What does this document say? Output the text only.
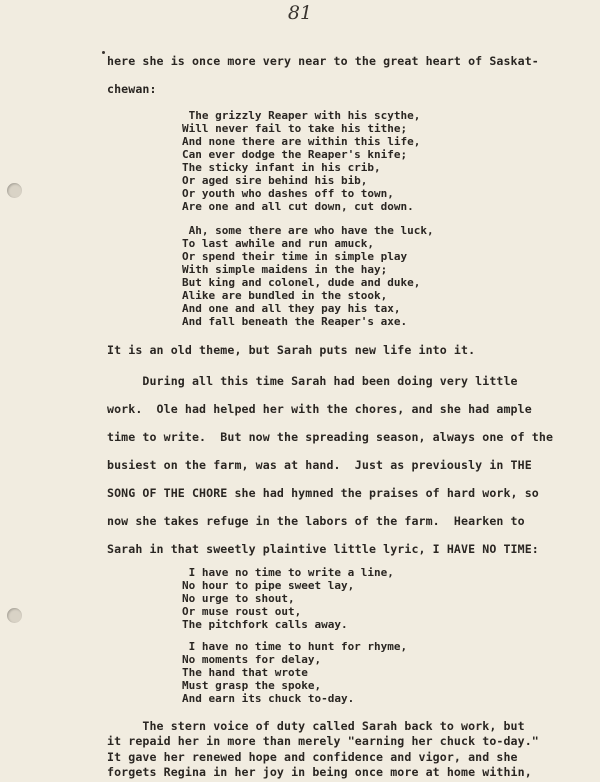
81
here she is once more very near to the great heart of Saskat-
chewan:
The grizzly Reaper with his scythe,
Will never fail to take his tithe;
And none there are within this life,
Can ever dodge the Reaper's knife;
The sticky infant in his crib,
Or aged sire behind his bib,
Or youth who dashes off to town,
Are one and all cut down, cut down.
Ah, some there are who have the luck,
To last awhile and run amuck,
Or spend their time in simple play
With simple maidens in the hay;
But king and colonel, dude and duke,
Alike are bundled in the stook,
And one and all they pay his tax,
And fall beneath the Reaper's axe.
It is an old theme, but Sarah puts new life into it.
During all this time Sarah had been doing very little
work.  Ole had helped her with the chores, and she had ample
time to write.  But now the spreading season, always one of the
busiest on the farm, was at hand.  Just as previously in THE
SONG OF THE CHORE she had hymned the praises of hard work, so
now she takes refuge in the labors of the farm.  Hearken to
Sarah in that sweetly plaintive little lyric, I HAVE NO TIME:
I have no time to write a line,
No hour to pipe sweet lay,
No urge to shout,
Or muse roust out,
The pitchfork calls away.
I have no time to hunt for rhyme,
No moments for delay,
The hand that wrote
Must grasp the spoke,
And earn its chuck to-day.
The stern voice of duty called Sarah back to work, but
it repaid her in more than merely "earning her chuck to-day."
It gave her renewed hope and confidence and vigor, and she
forgets Regina in her joy in being once more at home within,
